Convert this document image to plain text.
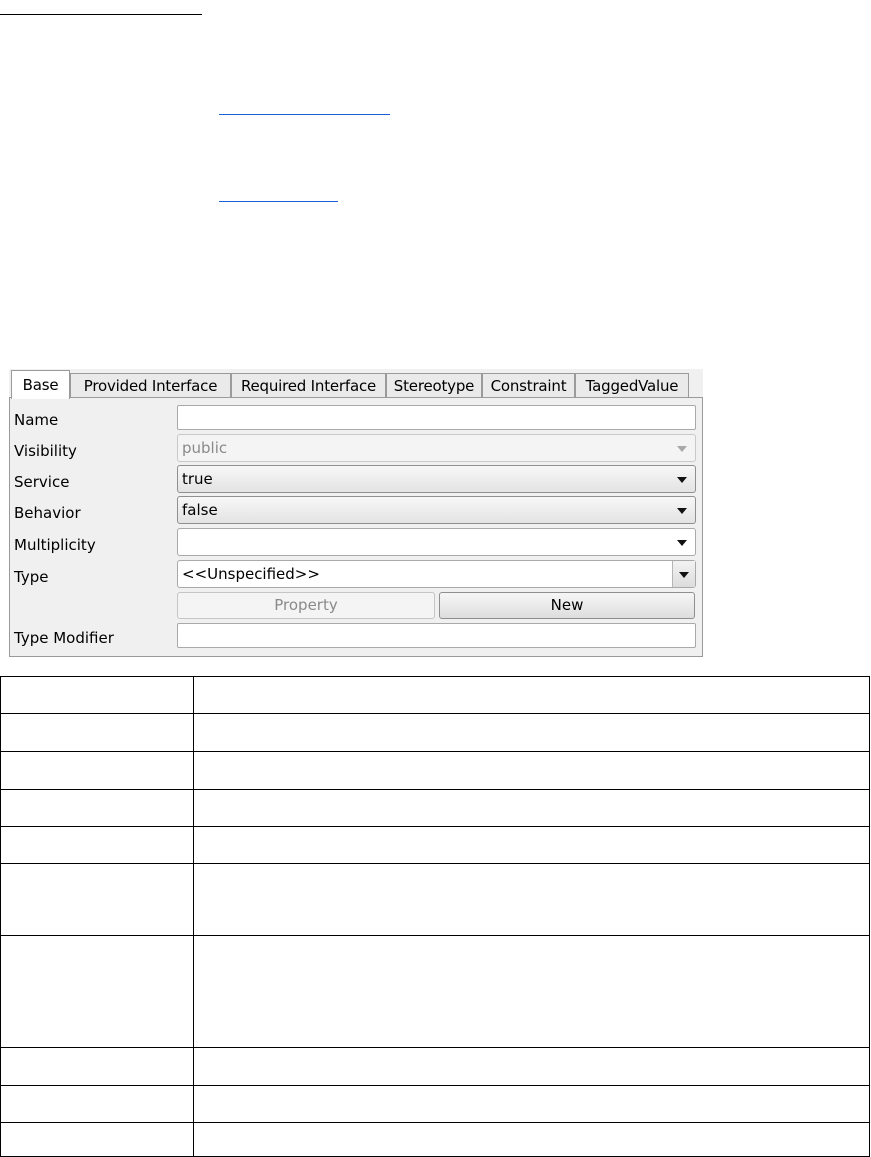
Base	Provided Interface	Required Interface	Stereotype	Constraint	TaggedValue
Name
Visibility	public
Service	true
Behavior	false
Multiplicity
Type	<<Unspecified>>
Property	New
Type Modifier
